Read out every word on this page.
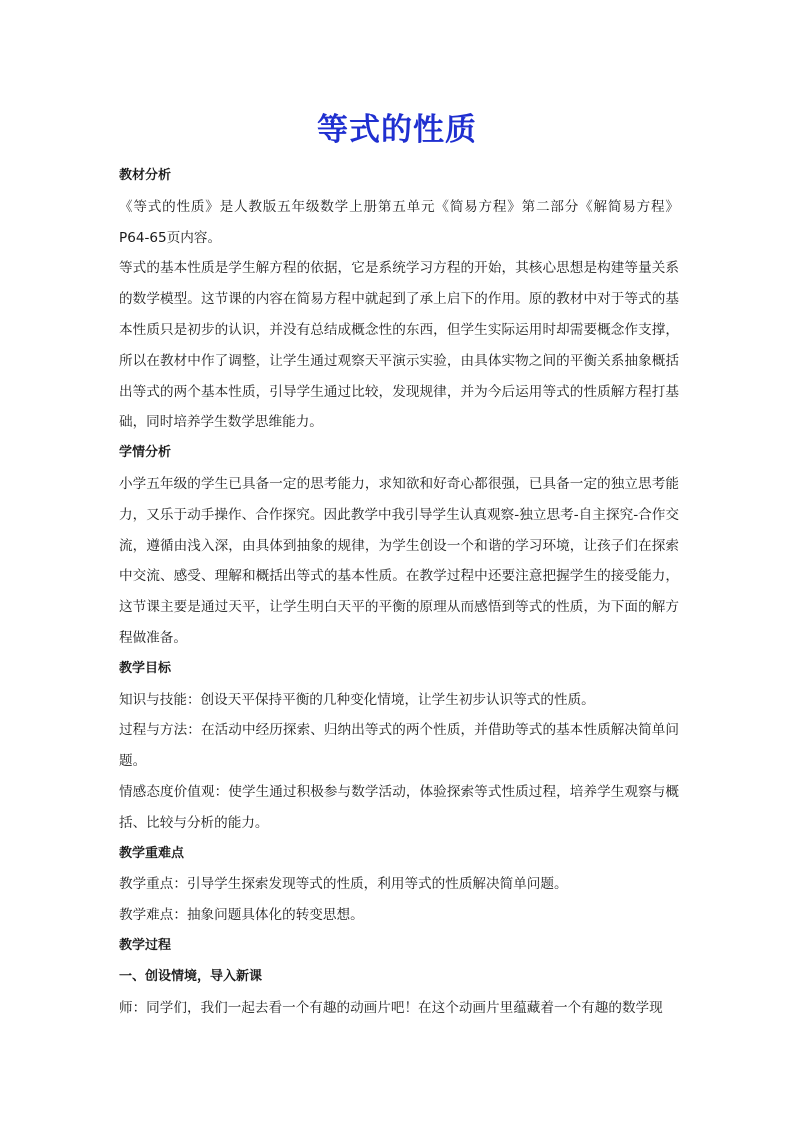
等式的性质

教材分析

《等式的性质》是人教版五年级数学上册第五单元《简易方程》第二部分《解简易方程》P64-65页内容。

等式的基本性质是学生解方程的依据，它是系统学习方程的开始，其核心思想是构建等量关系的数学模型。这节课的内容在简易方程中就起到了承上启下的作用。原的教材中对于等式的基本性质只是初步的认识，并没有总结成概念性的东西，但学生实际运用时却需要概念作支撑，所以在教材中作了调整，让学生通过观察天平演示实验，由具体实物之间的平衡关系抽象概括出等式的两个基本性质，引导学生通过比较，发现规律，并为今后运用等式的性质解方程打基础，同时培养学生数学思维能力。

学情分析

小学五年级的学生已具备一定的思考能力，求知欲和好奇心都很强，已具备一定的独立思考能力，又乐于动手操作、合作探究。因此教学中我引导学生认真观察-独立思考-自主探究-合作交流，遵循由浅入深，由具体到抽象的规律，为学生创设一个和谐的学习环境，让孩子们在探索中交流、感受、理解和概括出等式的基本性质。在教学过程中还要注意把握学生的接受能力，这节课主要是通过天平，让学生明白天平的平衡的原理从而感悟到等式的性质，为下面的解方程做准备。

教学目标

知识与技能：创设天平保持平衡的几种变化情境，让学生初步认识等式的性质。

过程与方法：在活动中经历探索、归纳出等式的两个性质，并借助等式的基本性质解决简单问题。

情感态度价值观：使学生通过积极参与数学活动，体验探索等式性质过程，培养学生观察与概括、比较与分析的能力。

教学重难点

教学重点：引导学生探索发现等式的性质，利用等式的性质解决简单问题。

教学难点：抽象问题具体化的转变思想。

教学过程

一、创设情境，导入新课

师：同学们，我们一起去看一个有趣的动画片吧！在这个动画片里蕴藏着一个有趣的数学现
